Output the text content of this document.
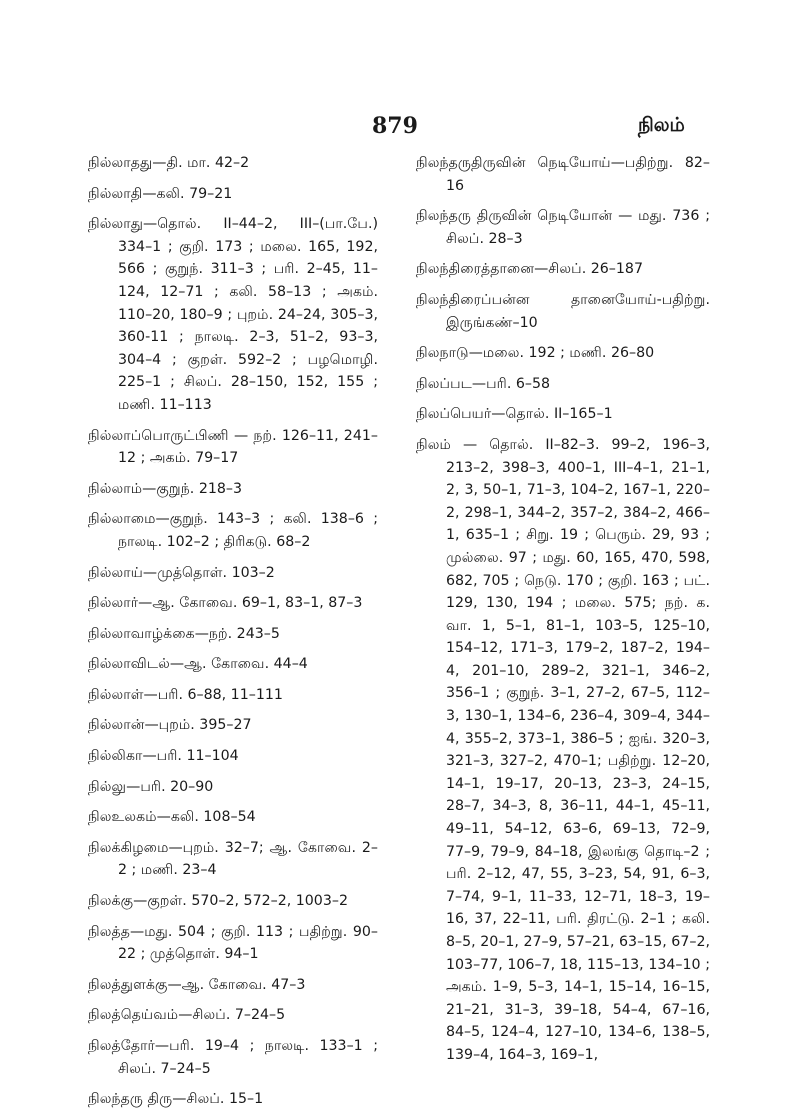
879	நிலம்
நில்லாதது—தி. மா. 42–2
நில்லாதி—கலி. 79–21
நில்லாது—தொல். II–44–2, III–(பா.பே.) 334–1 ; குறி. 173 ; மலை. 165, 192, 566 ; குறுந். 311–3 ; பரி. 2–45, 11–124, 12–71 ; கலி. 58–13 ; அகம். 110–20, 180–9 ; புறம். 24–24, 305–3, 360-11 ; நாலடி. 2–3, 51–2, 93–3, 304–4 ; குறள். 592–2 ; பழமொழி. 225–1 ; சிலப். 28–150, 152, 155 ; மணி. 11–113
நில்லாப்பொருட்பிணி — நற். 126–11, 241–12 ; அகம். 79–17
நில்லாம்—குறுந். 218–3
நில்லாமை—குறுந். 143–3 ; கலி. 138–6 ; நாலடி. 102–2 ; திரிகடு. 68–2
நில்லாய்—முத்தொள். 103–2
நில்லார்—ஆ. கோவை. 69–1, 83–1, 87–3
நில்லாவாழ்க்கை—நற். 243–5
நில்லாவிடல்—ஆ. கோவை. 44–4
நில்லாள்—பரி. 6–88, 11–111
நில்லான்—புறம். 395–27
நில்லிகா—பரி. 11–104
நில்லு—பரி. 20–90
நிலஉலகம்—கலி. 108–54
நிலக்கிழமை—புறம். 32–7; ஆ. கோவை. 2–2 ; மணி. 23–4
நிலக்கு—குறள். 570–2, 572–2, 1003–2
நிலத்த—மது. 504 ; குறி. 113 ; பதிற்று. 90–22 ; முத்தொள். 94–1
நிலத்துளக்கு—ஆ. கோவை. 47–3
நிலத்தெய்வம்—சிலப். 7–24–5
நிலத்தோர்—பரி. 19–4 ; நாலடி. 133–1 ; சிலப். 7–24–5
நிலந்தரு திரு—சிலப். 15–1
நிலந்தருதிருவின் நெடியோய்—பதிற்று. 82–16
நிலந்தரு திருவின் நெடியோன் — மது. 736 ; சிலப். 28–3
நிலந்திரைத்தானை—சிலப். 26–187
நிலந்திரைப்பன்ன தானையோய்-பதிற்று. இருங்கண்–10
நிலநாடு—மலை. 192 ; மணி. 26–80
நிலப்பட—பரி. 6–58
நிலப்பெயர்—தொல். II–165–1
நிலம் — தொல். II–82–3. 99–2, 196–3, 213–2, 398–3, 400–1, III–4–1, 21–1, 2, 3, 50–1, 71–3, 104–2, 167–1, 220–2, 298–1, 344–2, 357–2, 384–2, 466–1, 635–1 ; சிறு. 19 ; பெரும். 29, 93 ; முல்லை. 97 ; மது. 60, 165, 470, 598, 682, 705 ; நெடு. 170 ; குறி. 163 ; பட். 129, 130, 194 ; மலை. 575; நற். க. வா. 1, 5–1, 81–1, 103–5, 125–10, 154–12, 171–3, 179–2, 187–2, 194–4, 201–10, 289–2, 321–1, 346–2, 356–1 ; குறுந். 3–1, 27–2, 67–5, 112–3, 130–1, 134–6, 236–4, 309–4, 344–4, 355–2, 373–1, 386–5 ; ஐங். 320–3, 321–3, 327–2, 470–1; பதிற்று. 12–20, 14–1, 19–17, 20–13, 23–3, 24–15, 28–7, 34–3, 8, 36–11, 44–1, 45–11, 49–11, 54–12, 63–6, 69–13, 72–9, 77–9, 79–9, 84–18, இலங்கு தொடி–2 ; பரி. 2–12, 47, 55, 3–23, 54, 91, 6–3, 7–74, 9–1, 11–33, 12–71, 18–3, 19–16, 37, 22–11, பரி. திரட்டு. 2–1 ; கலி. 8–5, 20–1, 27–9, 57–21, 63–15, 67–2, 103–77, 106–7, 18, 115–13, 134–10 ; அகம். 1–9, 5–3, 14–1, 15–14, 16–15, 21–21, 31–3, 39–18, 54–4, 67–16, 84–5, 124–4, 127–10, 134–6, 138–5, 139–4, 164–3, 169–1,
